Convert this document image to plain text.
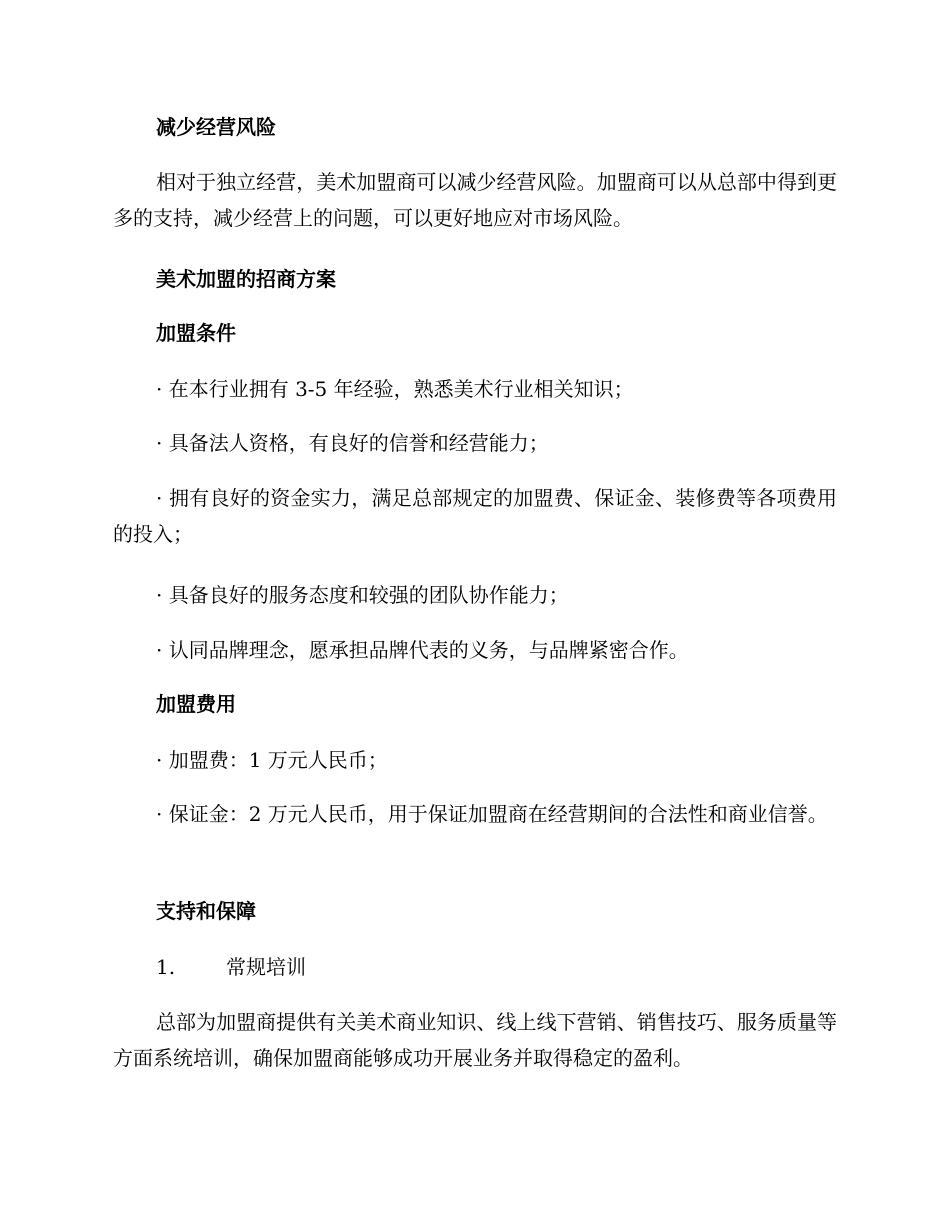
减少经营风险
相对于独立经营，美术加盟商可以减少经营风险。加盟商可以从总部中得到更多的支持，减少经营上的问题，可以更好地应对市场风险。
美术加盟的招商方案
加盟条件
· 在本行业拥有 3-5 年经验，熟悉美术行业相关知识；
· 具备法人资格，有良好的信誉和经营能力；
· 拥有良好的资金实力，满足总部规定的加盟费、保证金、装修费等各项费用的投入；
· 具备良好的服务态度和较强的团队协作能力；
· 认同品牌理念，愿承担品牌代表的义务，与品牌紧密合作。
加盟费用
· 加盟费：1 万元人民币；
· 保证金：2 万元人民币，用于保证加盟商在经营期间的合法性和商业信誉。
支持和保障
1.	常规培训
总部为加盟商提供有关美术商业知识、线上线下营销、销售技巧、服务质量等方面系统培训，确保加盟商能够成功开展业务并取得稳定的盈利。
